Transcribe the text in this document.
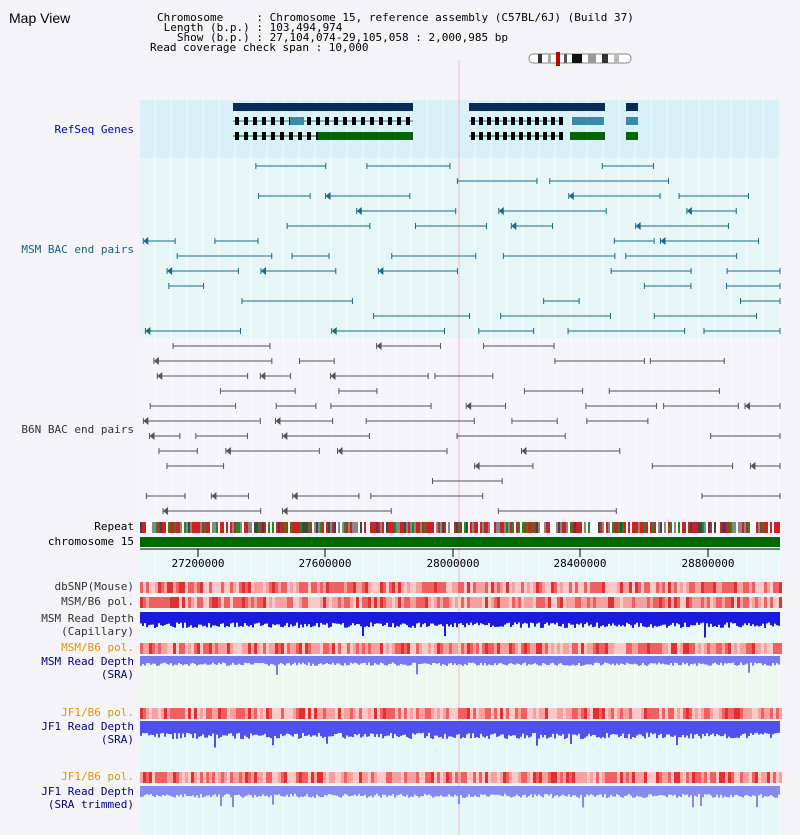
Map View	Chromosome     : Chromosome 15, reference assembly (C57BL/6J) (Build 37)
Length (b.p.) : 103,494,974
Show (b.p.) : 27,104,074-29,105,058 : 2,000,985 bp
Read coverage check span : 10,000
RefSeq Genes
MSM BAC end pairs
B6N BAC end pairs
Repeat
chromosome 15
dbSNP(Mouse)
MSM/B6 pol.
MSM Read Depth
(Capillary)
MSM/B6 pol.
MSM Read Depth
(SRA)
JF1/B6 pol.
JF1 Read Depth
(SRA)
JF1/B6 pol.
JF1 Read Depth
(SRA trimmed)
27200000	27600000	28000000	28400000	28800000
